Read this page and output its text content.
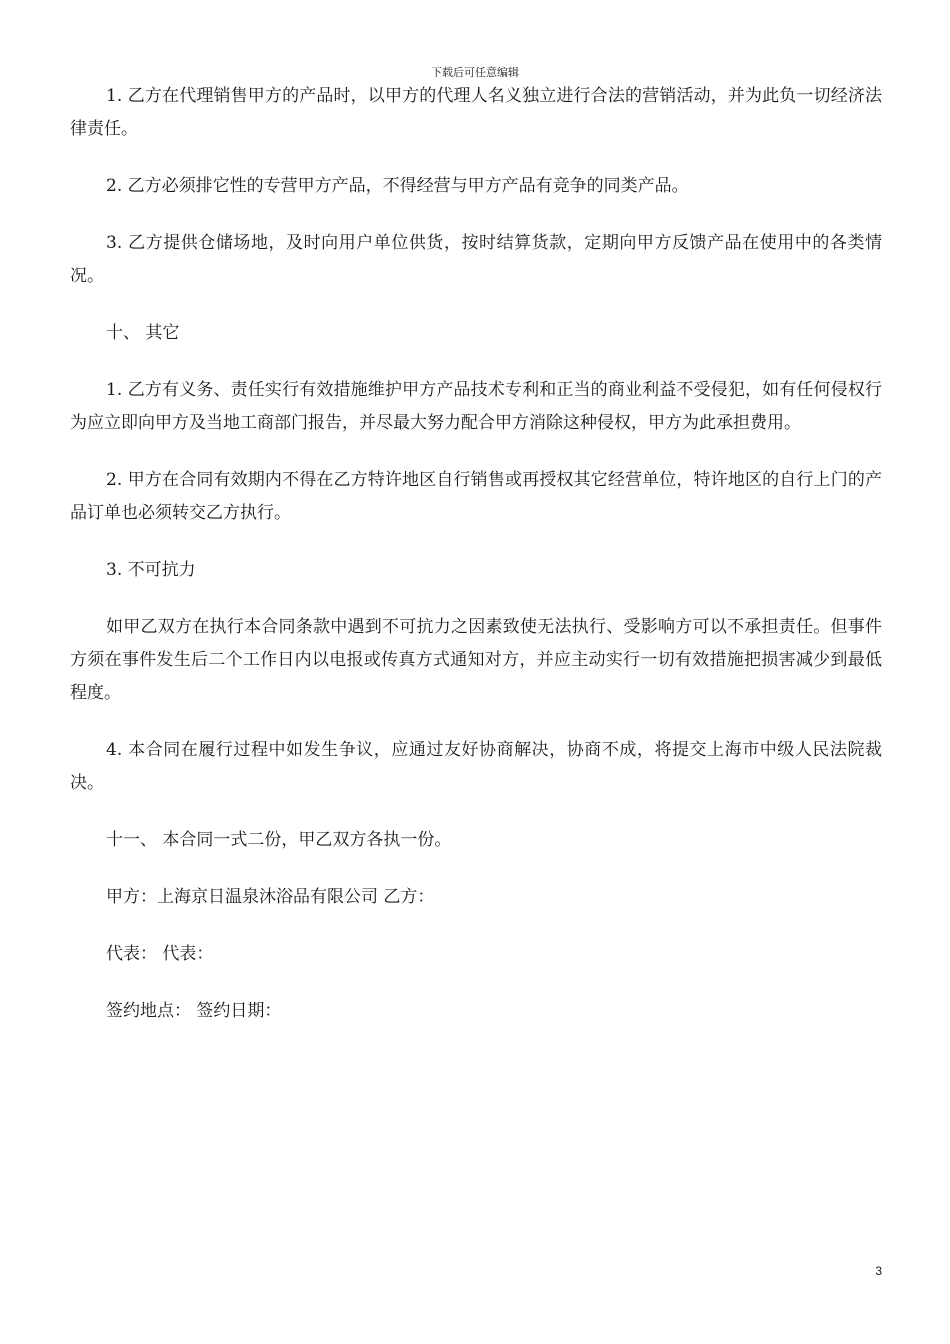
下载后可任意编辑

1. 乙方在代理销售甲方的产品时，以甲方的代理人名义独立进行合法的营销活动，并为此负一切经济法律责任。

2. 乙方必须排它性的专营甲方产品，不得经营与甲方产品有竞争的同类产品。

3. 乙方提供仓储场地，及时向用户单位供货，按时结算货款，定期向甲方反馈产品在使用中的各类情况。

十、 其它

1. 乙方有义务、责任实行有效措施维护甲方产品技术专利和正当的商业利益不受侵犯，如有任何侵权行为应立即向甲方及当地工商部门报告，并尽最大努力配合甲方消除这种侵权，甲方为此承担费用。

2. 甲方在合同有效期内不得在乙方特许地区自行销售或再授权其它经营单位，特许地区的自行上门的产品订单也必须转交乙方执行。

3. 不可抗力

如甲乙双方在执行本合同条款中遇到不可抗力之因素致使无法执行、受影响方可以不承担责任。但事件方须在事件发生后二个工作日内以电报或传真方式通知对方，并应主动实行一切有效措施把损害减少到最低程度。

4. 本合同在履行过程中如发生争议，应通过友好协商解决，协商不成，将提交上海市中级人民法院裁决。

十一、 本合同一式二份，甲乙双方各执一份。

甲方：上海京日温泉沐浴品有限公司 乙方：

代表： 代表：

签约地点： 签约日期：

3
